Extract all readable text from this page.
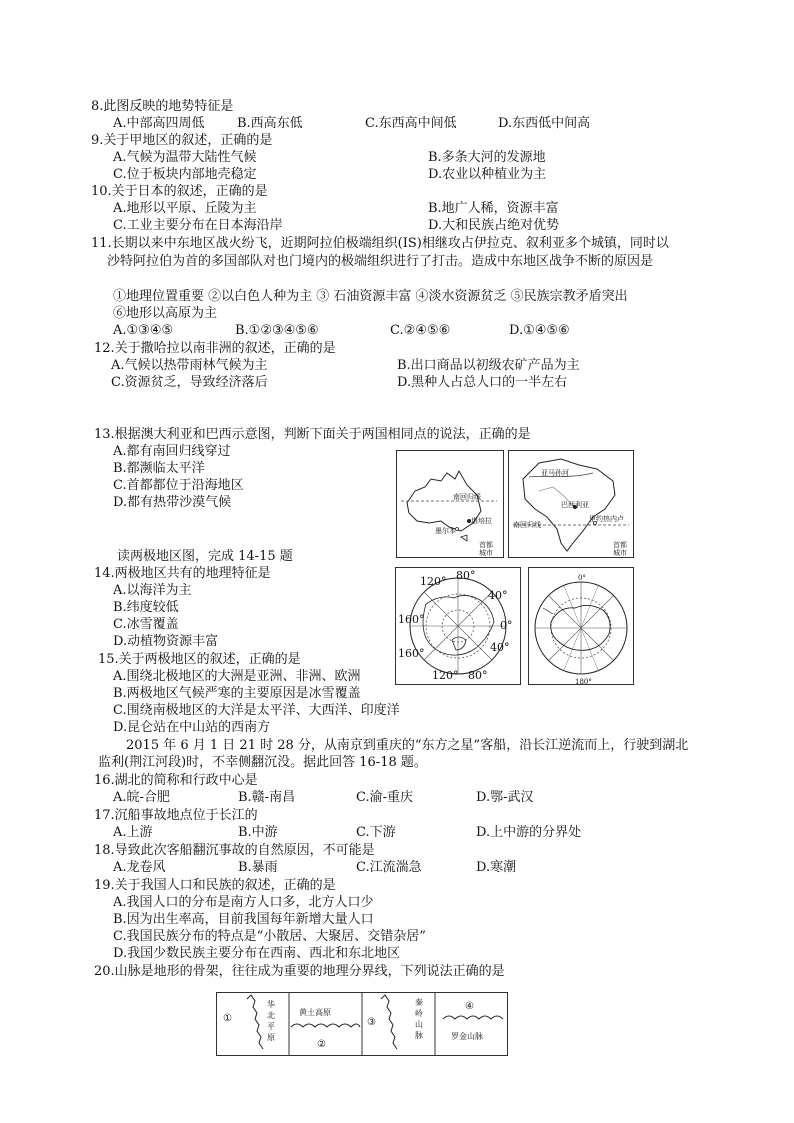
8.此图反映的地势特征是
A.中部高四周低 B.西高东低	C.东西高中间低	D.东西低中间高
9.关于甲地区的叙述，正确的是
A.气候为温带大陆性气候	B.多条大河的发源地
C.位于板块内部地壳稳定	D.农业以种植业为主
10.关于日本的叙述，正确的是
A.地形以平原、丘陵为主	B.地广人稀，资源丰富
C.工业主要分布在日本海沿岸	D.大和民族占绝对优势
11.长期以来中东地区战火纷飞，近期阿拉伯极端组织(IS)相继攻占伊拉克、叙利亚多个城镇，同时以
沙特阿拉伯为首的多国部队对也门境内的极端组织进行了打击。造成中东地区战争不断的原因是
①地理位置重要 ②以白色人种为主 ③ 石油资源丰富 ④淡水资源贫乏 ⑤民族宗教矛盾突出
⑥地形以高原为主
A.①③④⑤	B.①②③④⑤⑥	C.②④⑤⑥	D.①④⑤⑥
12.关于撒哈拉以南非洲的叙述，正确的是
A.气候以热带雨林气候为主	B.出口商品以初级农矿产品为主
C.资源贫乏，导致经济落后	D.黑种人占总人口的一半左右
13.根据澳大利亚和巴西示意图，判断下面关于两国相同点的说法，正确的是
A.都有南回归线穿过
B.都濒临太平洋
C.首都都位于沿海地区
D.都有热带沙漠气候	南回归线
墨尔本
堪培拉
首都
城市
亚马孙河
巴西利亚
里约热内卢
南回归线
首都
城市
读两极地区图，完成 14-15 题
14.两极地区共有的地理特征是
A.以海洋为主
B.纬度较低
C.冰雪覆盖
D.动植物资源丰富
120° 80°
40°
0°
160°
40°
160°
120° 80°
0°
180°
15.关于两极地区的叙述，正确的是
A.围绕北极地区的大洲是亚洲、非洲、欧洲
B.两极地区气候严寒的主要原因是冰雪覆盖
C.围绕南极地区的大洋是太平洋、大西洋、印度洋
D.昆仑站在中山站的西南方
2015 年 6 月 1 日 21 时 28 分，从南京到重庆的“东方之星”客船，沿长江逆流而上，行驶到湖北
监利(荆江河段)时，不幸侧翻沉没。据此回答 16-18 题。
16.湖北的简称和行政中心是
A.皖-合肥	B.赣-南昌	C.渝-重庆	D.鄂-武汉
17.沉船事故地点位于长江的
A.上游	B.中游	C.下游	D.上中游的分界处
18.导致此次客船翻沉事故的自然原因，不可能是
A.龙卷风	B.暴雨	C.江流湍急	D.寒潮
19.关于我国人口和民族的叙述，正确的是
A.我国人口的分布是南方人口多，北方人口少
B.因为出生率高，目前我国每年新增大量人口
C.我国民族分布的特点是“小散居、大聚居、交错杂居”
D.我国少数民族主要分布在西南、西北和东北地区
20.山脉是地形的骨架，往往成为重要的地理分界线，下列说法正确的是
①
华北平原
黄土高原
②
③
秦岭山脉
④
罗金山脉
